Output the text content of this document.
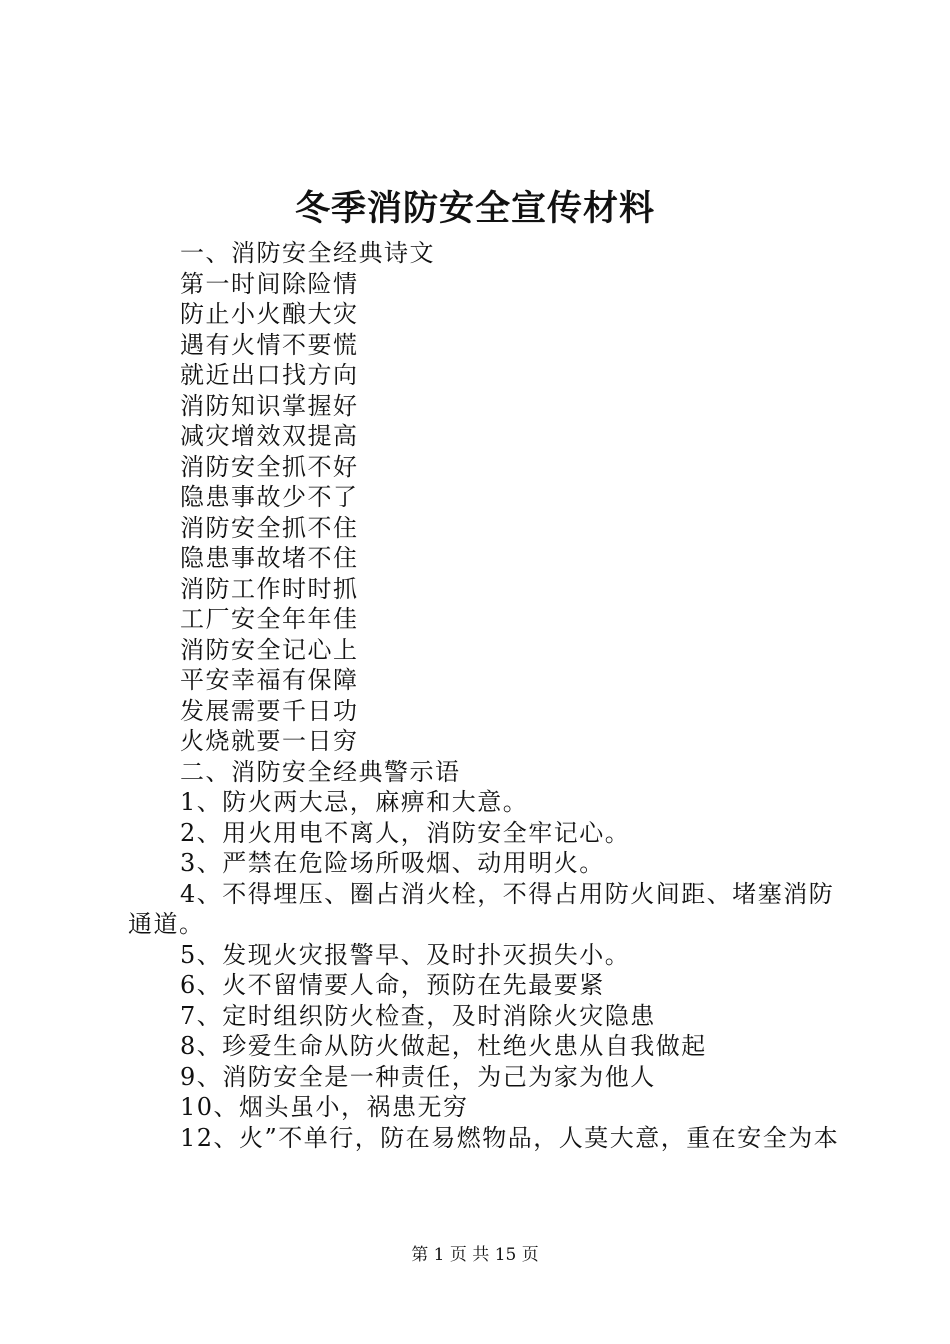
冬季消防安全宣传材料
一、消防安全经典诗文
第一时间除险情
防止小火酿大灾
遇有火情不要慌
就近出口找方向
消防知识掌握好
减灾增效双提高
消防安全抓不好
隐患事故少不了
消防安全抓不住
隐患事故堵不住
消防工作时时抓
工厂安全年年佳
消防安全记心上
平安幸福有保障
发展需要千日功
火烧就要一日穷
二、消防安全经典警示语
1、防火两大忌，麻痹和大意。
2、用火用电不离人，消防安全牢记心。
3、严禁在危险场所吸烟、动用明火。
4、不得埋压、圈占消火栓，不得占用防火间距、堵塞消防通道。
5、发现火灾报警早、及时扑灭损失小。
6、火不留情要人命，预防在先最要紧
7、定时组织防火检查，及时消除火灾隐患
8、珍爱生命从防火做起，杜绝火患从自我做起
9、消防安全是一种责任，为己为家为他人
10、烟头虽小，祸患无穷
12、火”不单行，防在易燃物品，人莫大意，重在安全为本
第 1 页 共 15 页
